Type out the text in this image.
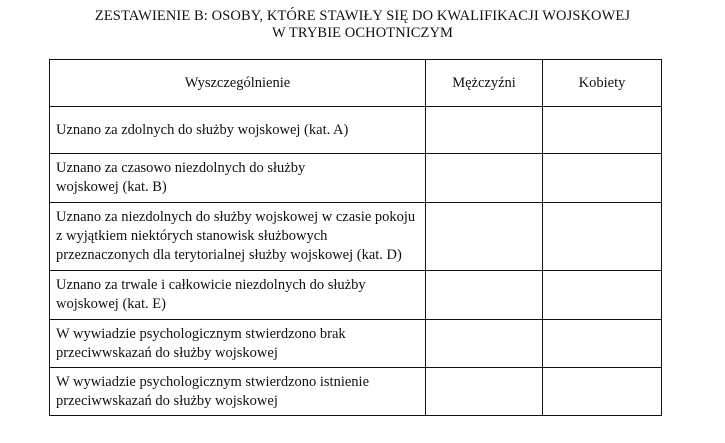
ZESTAWIENIE B: OSOBY, KTÓRE STAWIŁY SIĘ DO KWALIFIKACJI WOJSKOWEJ
W TRYBIE OCHOTNICZYM
Wyszczególnienie	Mężczyźni	Kobiety
Uznano za zdolnych do służby wojskowej (kat. A)		
Uznano za czasowo niezdolnych do służby wojskowej (kat. B)		
Uznano za niezdolnych do służby wojskowej w czasie pokoju z wyjątkiem niektórych stanowisk służbowych przeznaczonych dla terytorialnej służby wojskowej (kat. D)		
Uznano za trwale i całkowicie niezdolnych do służby wojskowej (kat. E)		
W wywiadzie psychologicznym stwierdzono brak przeciwwskazań do służby wojskowej		
W wywiadzie psychologicznym stwierdzono istnienie przeciwwskazań do służby wojskowej		
